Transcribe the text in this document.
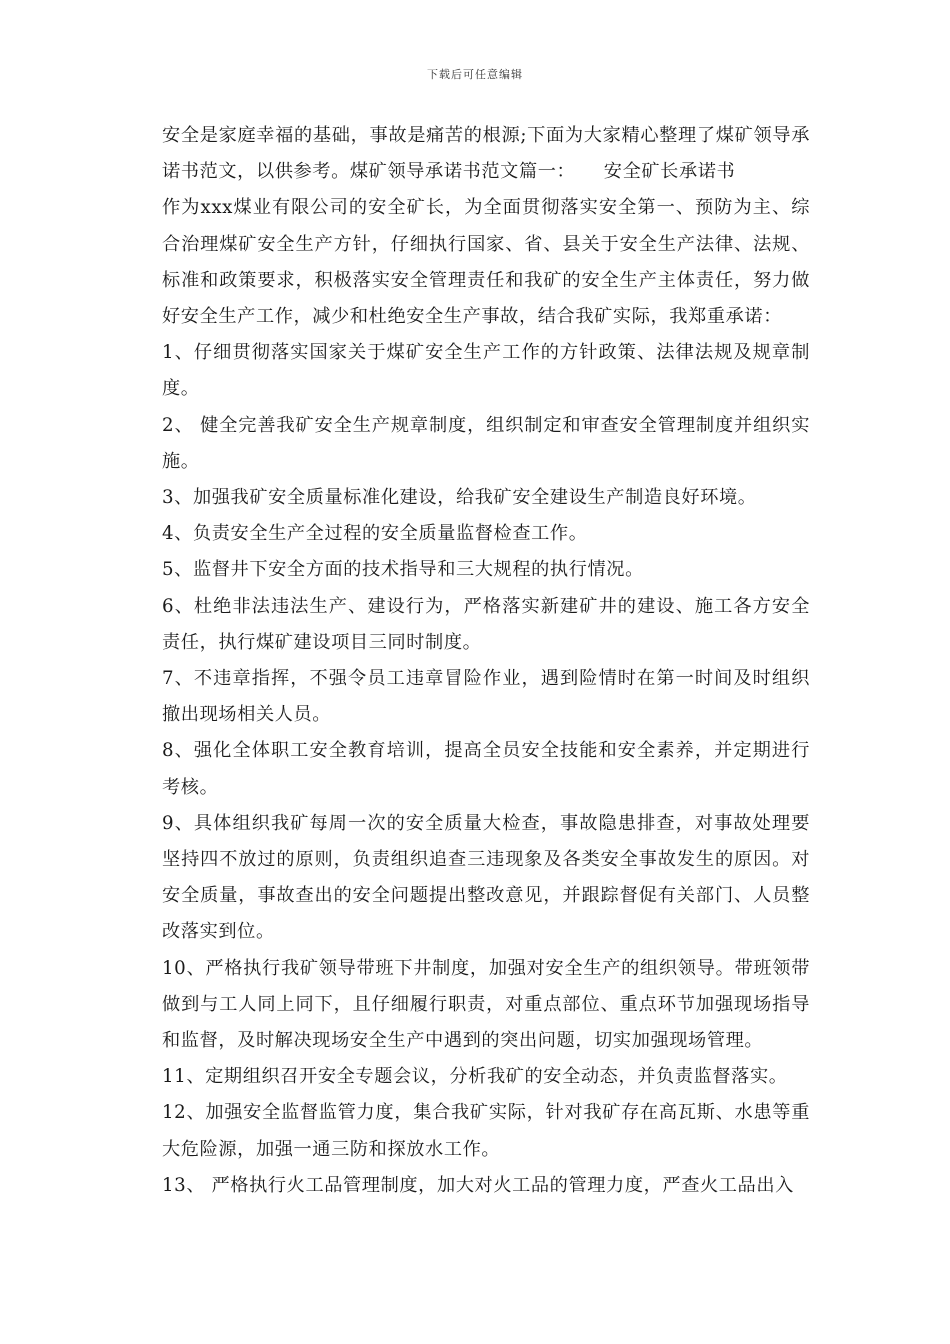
下载后可任意编辑

安全是家庭幸福的基础，事故是痛苦的根源;下面为大家精心整理了煤矿领导承诺书范文，以供参考。煤矿领导承诺书范文篇一：　　安全矿长承诺书

作为xxx煤业有限公司的安全矿长，为全面贯彻落实安全第一、预防为主、综合治理煤矿安全生产方针，仔细执行国家、省、县关于安全生产法律、法规、标准和政策要求，积极落实安全管理责任和我矿的安全生产主体责任，努力做好安全生产工作，减少和杜绝安全生产事故，结合我矿实际，我郑重承诺：

1、仔细贯彻落实国家关于煤矿安全生产工作的方针政策、法律法规及规章制度。

2、 健全完善我矿安全生产规章制度，组织制定和审查安全管理制度并组织实施。

3、加强我矿安全质量标准化建设，给我矿安全建设生产制造良好环境。

4、负责安全生产全过程的安全质量监督检查工作。

5、监督井下安全方面的技术指导和三大规程的执行情况。

6、杜绝非法违法生产、建设行为，严格落实新建矿井的建设、施工各方安全责任，执行煤矿建设项目三同时制度。

7、不违章指挥，不强令员工违章冒险作业，遇到险情时在第一时间及时组织撤出现场相关人员。

8、强化全体职工安全教育培训，提高全员安全技能和安全素养，并定期进行考核。

9、具体组织我矿每周一次的安全质量大检查，事故隐患排查，对事故处理要坚持四不放过的原则，负责组织追查三违现象及各类安全事故发生的原因。对安全质量，事故查出的安全问题提出整改意见，并跟踪督促有关部门、人员整改落实到位。

10、严格执行我矿领导带班下井制度，加强对安全生产的组织领导。带班领带做到与工人同上同下，且仔细履行职责，对重点部位、重点环节加强现场指导和监督，及时解决现场安全生产中遇到的突出问题，切实加强现场管理。

11、定期组织召开安全专题会议，分析我矿的安全动态，并负责监督落实。

12、加强安全监督监管力度，集合我矿实际，针对我矿存在高瓦斯、水患等重大危险源，加强一通三防和探放水工作。

13、 严格执行火工品管理制度，加大对火工品的管理力度，严查火工品出入
